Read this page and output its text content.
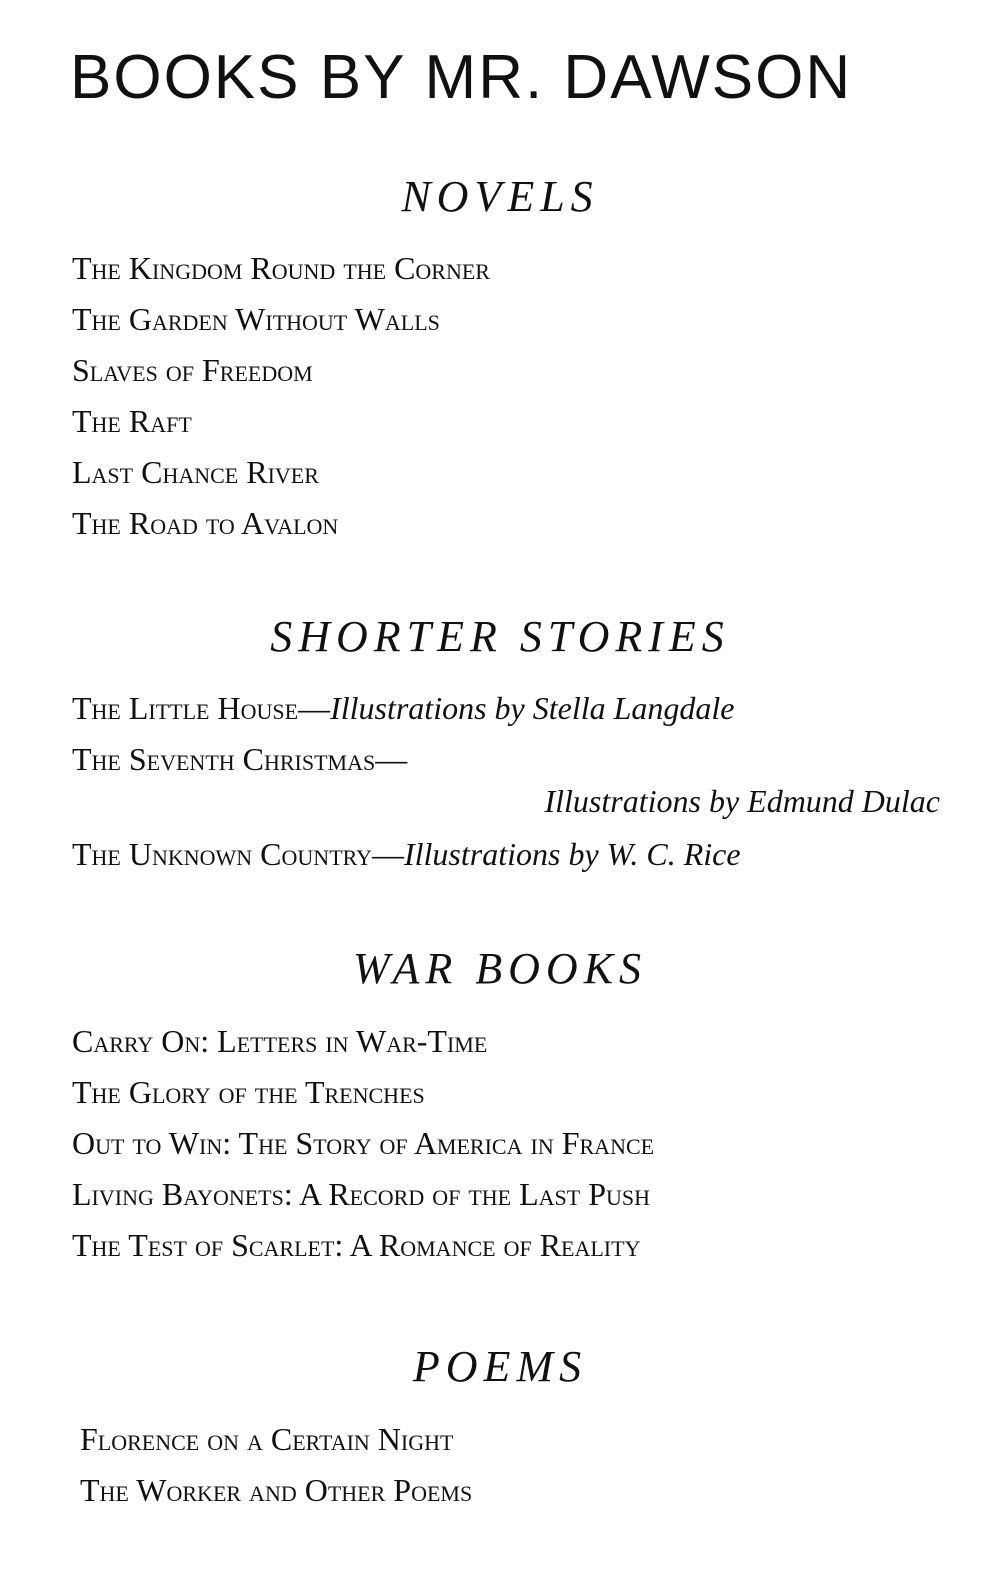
BOOKS BY MR. DAWSON
NOVELS
The Kingdom Round the Corner
The Garden Without Walls
Slaves of Freedom
The Raft
Last Chance River
The Road to Avalon
SHORTER STORIES
The Little House—Illustrations by Stella Langdale
The Seventh Christmas—
Illustrations by Edmund Dulac
The Unknown Country—Illustrations by W. C. Rice
WAR BOOKS
Carry On: Letters in War-Time
The Glory of the Trenches
Out to Win: The Story of America in France
Living Bayonets: A Record of the Last Push
The Test of Scarlet: A Romance of Reality
POEMS
Florence on a Certain Night
The Worker and Other Poems
